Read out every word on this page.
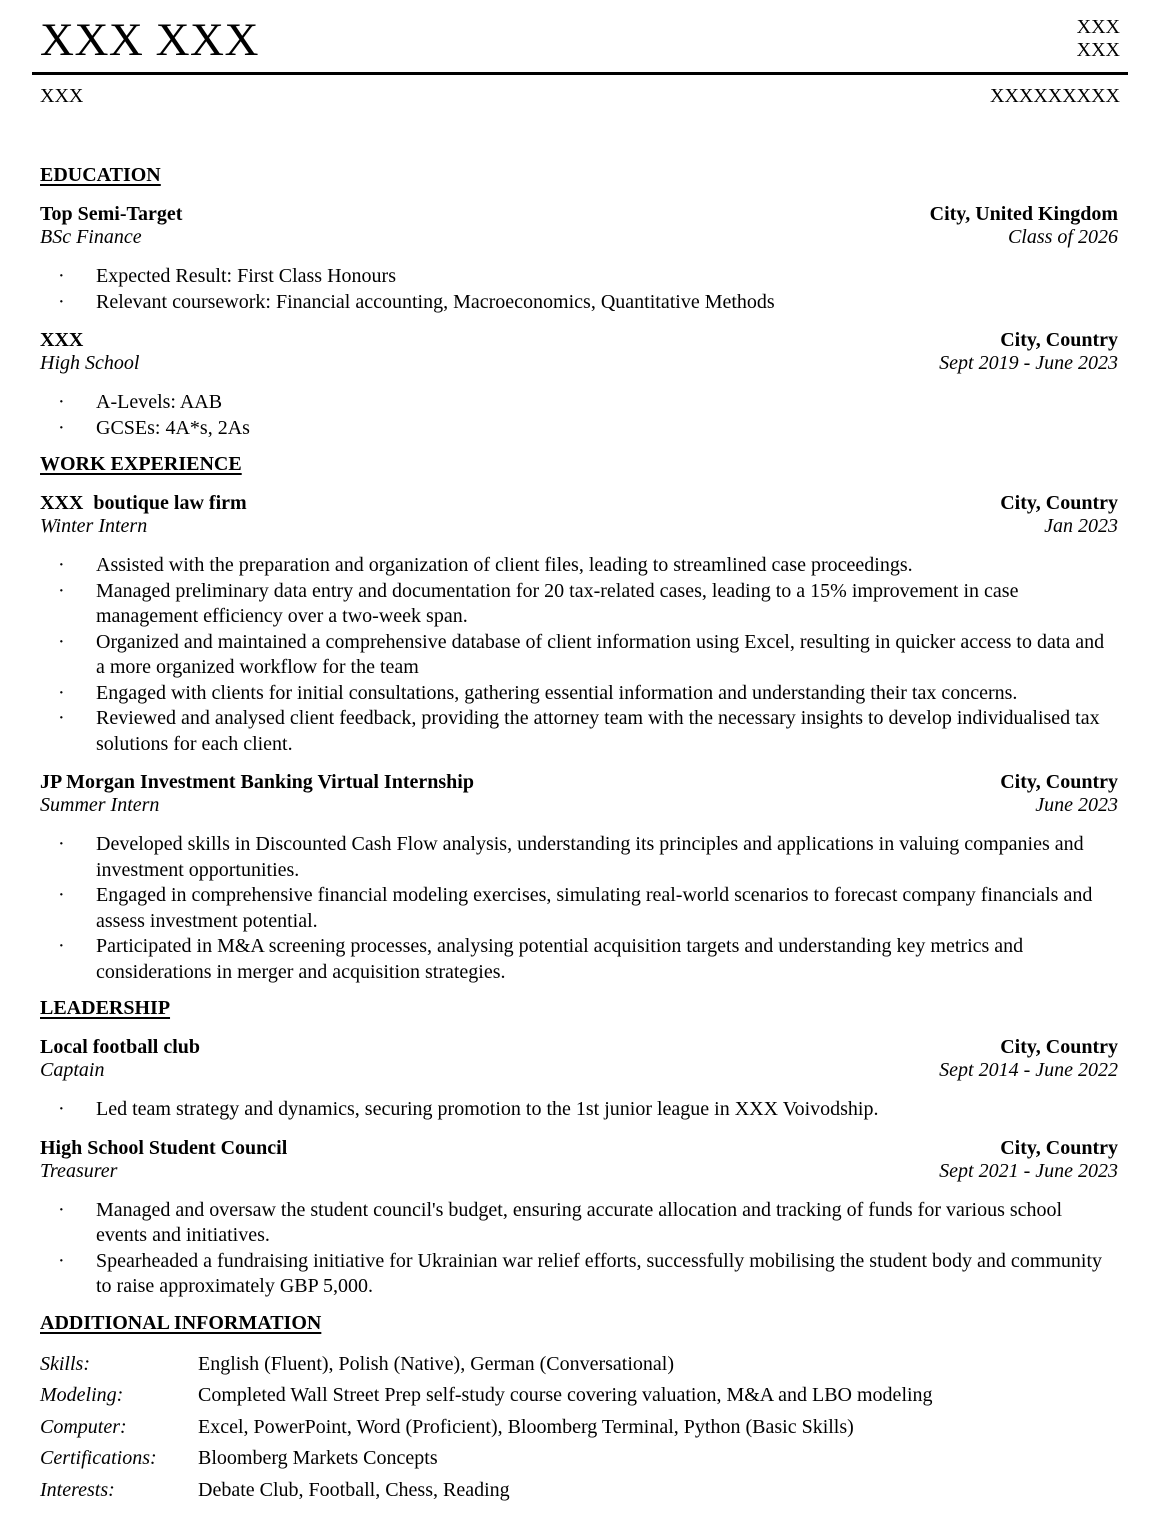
XXX XXX	XXX
XXX
XXX	XXXXXXXXX
EDUCATION
Top Semi-Target	City, United Kingdom
BSc Finance	Class of 2026
· Expected Result: First Class Honours
· Relevant coursework: Financial accounting, Macroeconomics, Quantitative Methods
XXX	City, Country
High School	Sept 2019 - June 2023
· A-Levels: AAB
· GCSEs: 4A*s, 2As
WORK EXPERIENCE
XXX  boutique law firm	City, Country
Winter Intern	Jan 2023
· Assisted with the preparation and organization of client files, leading to streamlined case proceedings.
· Managed preliminary data entry and documentation for 20 tax-related cases, leading to a 15% improvement in case management efficiency over a two-week span.
· Organized and maintained a comprehensive database of client information using Excel, resulting in quicker access to data and a more organized workflow for the team
· Engaged with clients for initial consultations, gathering essential information and understanding their tax concerns.
· Reviewed and analysed client feedback, providing the attorney team with the necessary insights to develop individualised tax solutions for each client.
JP Morgan Investment Banking Virtual Internship	City, Country
Summer Intern	June 2023
· Developed skills in Discounted Cash Flow analysis, understanding its principles and applications in valuing companies and investment opportunities.
· Engaged in comprehensive financial modeling exercises, simulating real-world scenarios to forecast company financials and assess investment potential.
· Participated in M&A screening processes, analysing potential acquisition targets and understanding key metrics and considerations in merger and acquisition strategies.
LEADERSHIP
Local football club	City, Country
Captain	Sept 2014 - June 2022
· Led team strategy and dynamics, securing promotion to the 1st junior league in XXX Voivodship.
High School Student Council	City, Country
Treasurer	Sept 2021 - June 2023
· Managed and oversaw the student council's budget, ensuring accurate allocation and tracking of funds for various school events and initiatives.
· Spearheaded a fundraising initiative for Ukrainian war relief efforts, successfully mobilising the student body and community to raise approximately GBP 5,000.
ADDITIONAL INFORMATION
Skills:	English (Fluent), Polish (Native), German (Conversational)
Modeling:	Completed Wall Street Prep self-study course covering valuation, M&A and LBO modeling
Computer:	Excel, PowerPoint, Word (Proficient), Bloomberg Terminal, Python (Basic Skills)
Certifications:	Bloomberg Markets Concepts
Interests:	Debate Club, Football, Chess, Reading
